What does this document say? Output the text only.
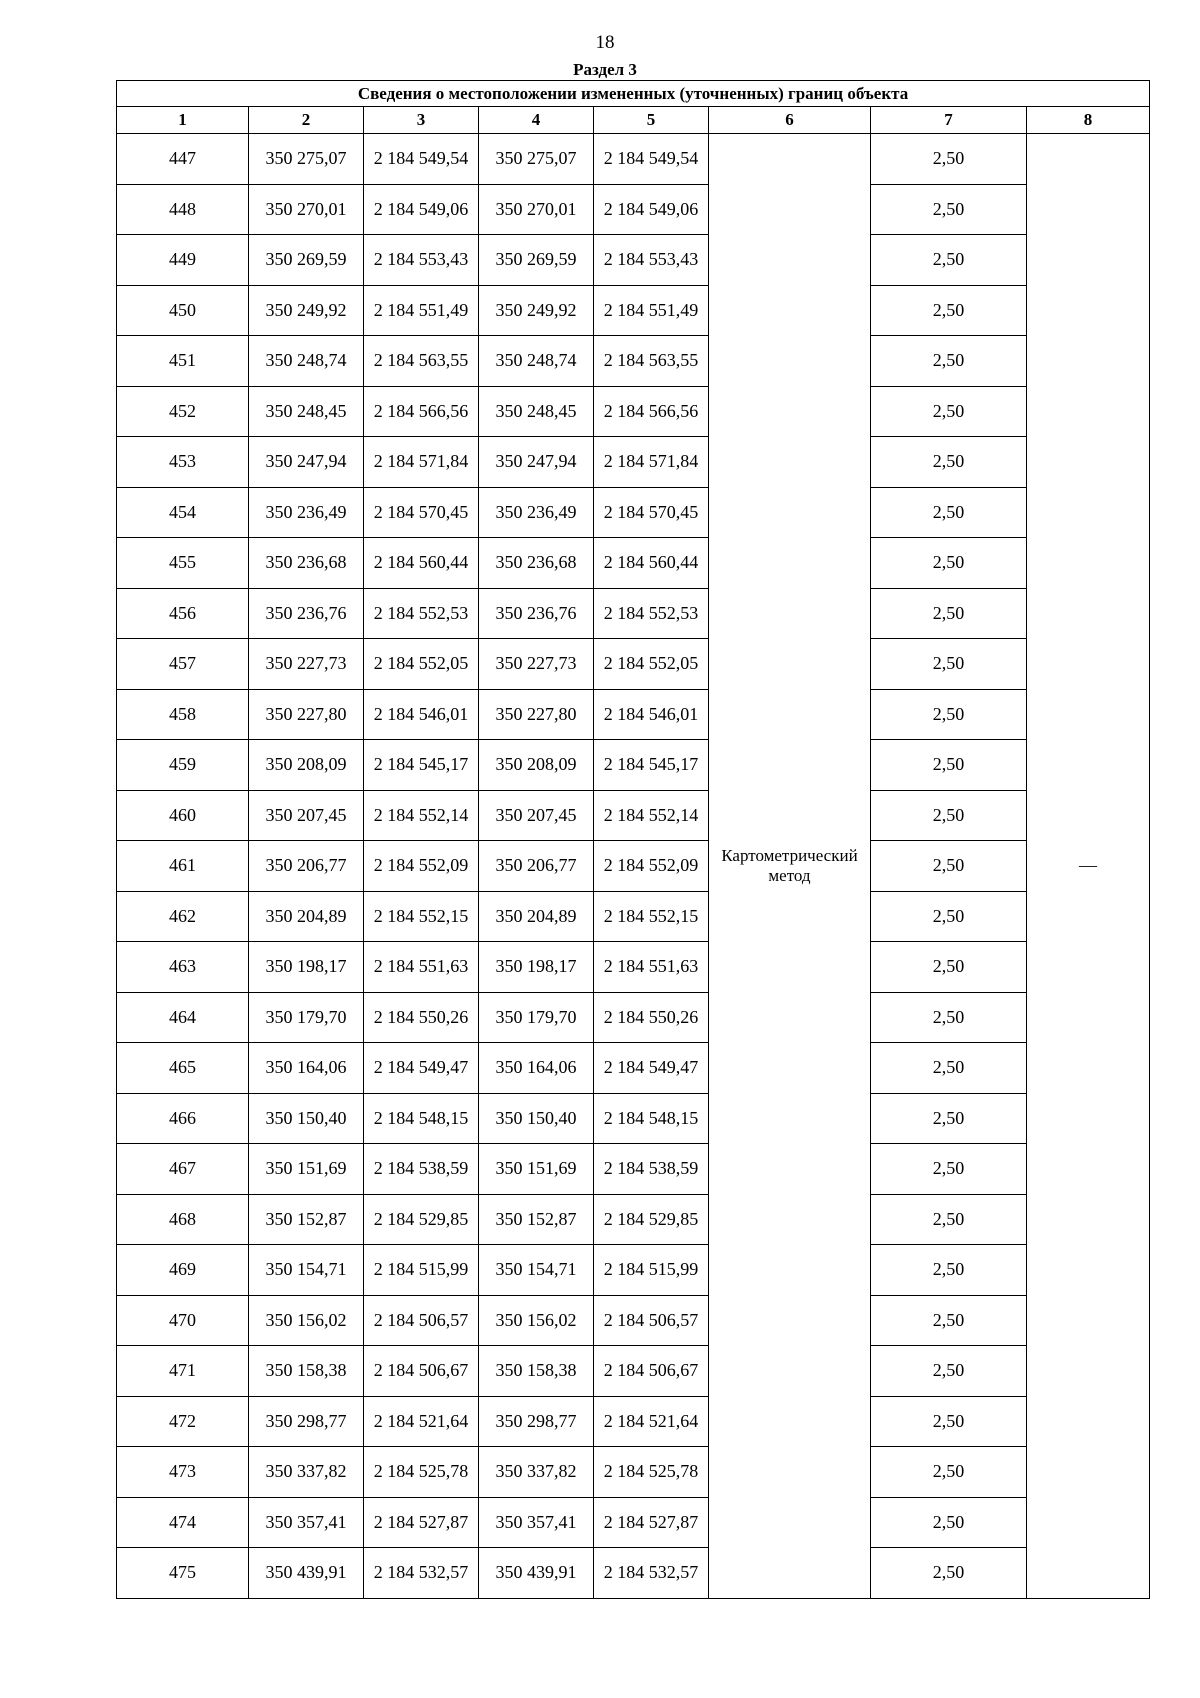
18
Раздел 3
Сведения о местоположении измененных (уточненных) границ объекта							
1	2	3	4	5	6	7	8
447	350 275,07	2 184 549,54	350 275,07	2 184 549,54	Картометрический метод	2,50	—
448	350 270,01	2 184 549,06	350 270,01	2 184 549,06		2,50	
449	350 269,59	2 184 553,43	350 269,59	2 184 553,43		2,50	
450	350 249,92	2 184 551,49	350 249,92	2 184 551,49		2,50	
451	350 248,74	2 184 563,55	350 248,74	2 184 563,55		2,50	
452	350 248,45	2 184 566,56	350 248,45	2 184 566,56		2,50	
453	350 247,94	2 184 571,84	350 247,94	2 184 571,84		2,50	
454	350 236,49	2 184 570,45	350 236,49	2 184 570,45		2,50	
455	350 236,68	2 184 560,44	350 236,68	2 184 560,44		2,50	
456	350 236,76	2 184 552,53	350 236,76	2 184 552,53		2,50	
457	350 227,73	2 184 552,05	350 227,73	2 184 552,05		2,50	
458	350 227,80	2 184 546,01	350 227,80	2 184 546,01		2,50	
459	350 208,09	2 184 545,17	350 208,09	2 184 545,17		2,50	
460	350 207,45	2 184 552,14	350 207,45	2 184 552,14		2,50	
461	350 206,77	2 184 552,09	350 206,77	2 184 552,09		2,50	
462	350 204,89	2 184 552,15	350 204,89	2 184 552,15		2,50	
463	350 198,17	2 184 551,63	350 198,17	2 184 551,63		2,50	
464	350 179,70	2 184 550,26	350 179,70	2 184 550,26		2,50	
465	350 164,06	2 184 549,47	350 164,06	2 184 549,47		2,50	
466	350 150,40	2 184 548,15	350 150,40	2 184 548,15		2,50	
467	350 151,69	2 184 538,59	350 151,69	2 184 538,59		2,50	
468	350 152,87	2 184 529,85	350 152,87	2 184 529,85		2,50	
469	350 154,71	2 184 515,99	350 154,71	2 184 515,99		2,50	
470	350 156,02	2 184 506,57	350 156,02	2 184 506,57		2,50	
471	350 158,38	2 184 506,67	350 158,38	2 184 506,67		2,50	
472	350 298,77	2 184 521,64	350 298,77	2 184 521,64		2,50	
473	350 337,82	2 184 525,78	350 337,82	2 184 525,78		2,50	
474	350 357,41	2 184 527,87	350 357,41	2 184 527,87		2,50	
475	350 439,91	2 184 532,57	350 439,91	2 184 532,57		2,50	
